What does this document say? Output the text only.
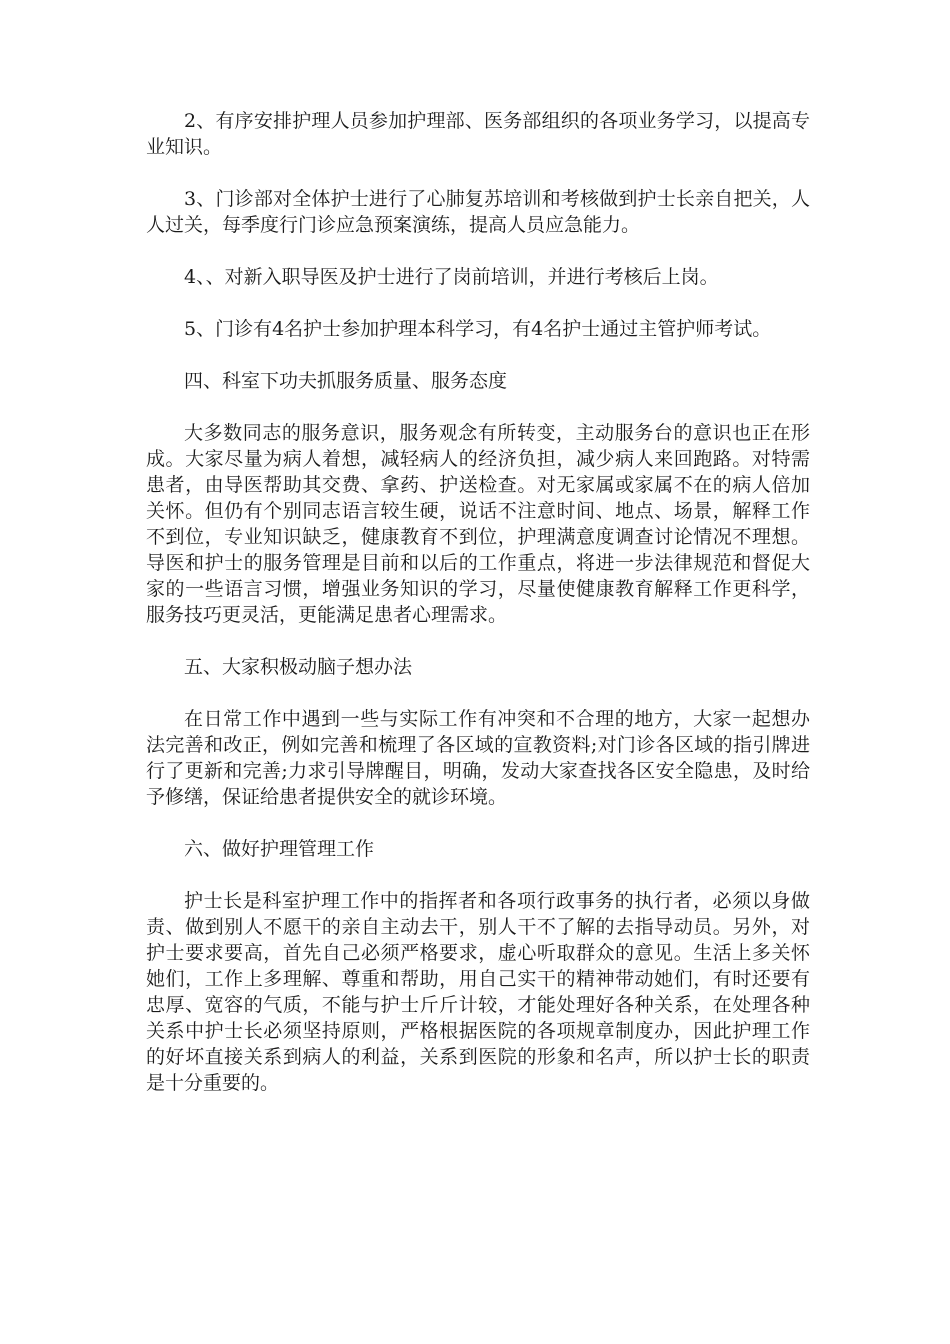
2、有序安排护理人员参加护理部、医务部组织的各项业务学习，以提高专业知识。

3、门诊部对全体护士进行了心肺复苏培训和考核做到护士长亲自把关，人人过关，每季度行门诊应急预案演练，提高人员应急能力。

4、、对新入职导医及护士进行了岗前培训，并进行考核后上岗。

5、门诊有4名护士参加护理本科学习，有4名护士通过主管护师考试。

四、科室下功夫抓服务质量、服务态度

大多数同志的服务意识，服务观念有所转变，主动服务台的意识也正在形成。大家尽量为病人着想，减轻病人的经济负担，减少病人来回跑路。对特需患者，由导医帮助其交费、拿药、护送检查。对无家属或家属不在的病人倍加关怀。但仍有个别同志语言较生硬，说话不注意时间、地点、场景，解释工作不到位，专业知识缺乏，健康教育不到位，护理满意度调查讨论情况不理想。导医和护士的服务管理是目前和以后的工作重点，将进一步法律规范和督促大家的一些语言习惯，增强业务知识的学习，尽量使健康教育解释工作更科学，服务技巧更灵活，更能满足患者心理需求。

五、大家积极动脑子想办法

在日常工作中遇到一些与实际工作有冲突和不合理的地方，大家一起想办法完善和改正，例如完善和梳理了各区域的宣教资料;对门诊各区域的指引牌进行了更新和完善;力求引导牌醒目，明确，发动大家查找各区安全隐患，及时给予修缮，保证给患者提供安全的就诊环境。

六、做好护理管理工作

护士长是科室护理工作中的指挥者和各项行政事务的执行者，必须以身做责、做到别人不愿干的亲自主动去干，别人干不了解的去指导动员。另外，对护士要求要高，首先自己必须严格要求，虚心听取群众的意见。生活上多关怀她们，工作上多理解、尊重和帮助，用自己实干的精神带动她们，有时还要有忠厚、宽容的气质，不能与护士斤斤计较，才能处理好各种关系，在处理各种关系中护士长必须坚持原则，严格根据医院的各项规章制度办，因此护理工作的好坏直接关系到病人的利益，关系到医院的形象和名声，所以护士长的职责是十分重要的。
